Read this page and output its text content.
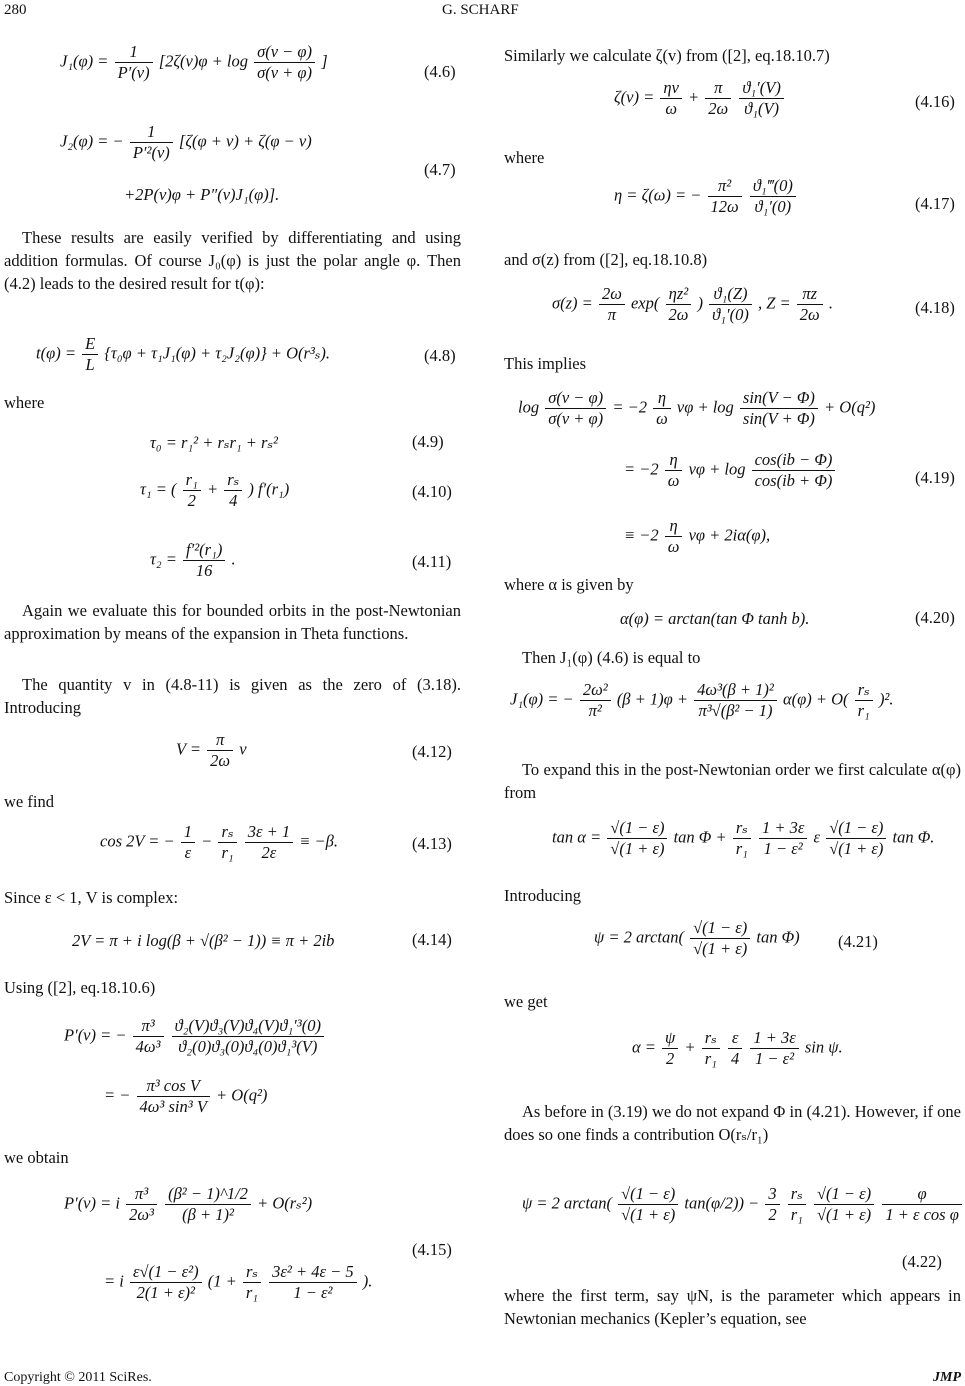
280	G. SCHARF
$J_1(\varphi) = \frac{1}{P'(v)} [2\zeta(v)\varphi + \log \frac{\sigma(v - \varphi)}{\sigma(v + \varphi)}$ ]
(4.6)
J₂(φ) = − $\frac{1}{\text{P′²(v)}} [\zeta(\varphi + v) + \zeta(\varphi - v)$
+2P(v)φ + P″(v)J₁(φ)].
(4.7)
These results are easily verified by differentiating and using addition formulas. Of course J₀(φ) is just the polar angle φ. Then (4.2) leads to the desired result for t(φ):
$t(\varphi) = \frac{E}{L} \{\tau_0\varphi + \tau_1J_1(\varphi) + \tau_2J_2(\varphi)\} + O(r^3_s)$.	(4.8)
where
τ₀ = r₁² + rₛr₁ + rₛ²	(4.9)
τ₁ = ( $\frac{\text{r₁}}{2} + \frac{\text{rₛ}}{4}$ ) f′(r₁)	(4.10)
$\tau_2 = \frac{\text{f′²(r₁)}}{16}$ .	(4.11)
Again we evaluate this for bounded orbits in the post-Newtonian approximation by means of the expansion in Theta functions.
The quantity v in (4.8-11) is given as the zero of (3.18). Introducing
$V = \frac{\pi}{2\omega}$ v	(4.12)
we find
cos 2V = − $\frac{1}{\varepsilon} - \frac{\text{rₛ}}{\text{r₁}}$
$\frac{3\varepsilon + 1}{2\varepsilon} \equiv -\beta$.	(4.13)
Since ε < 1, V is complex:
2V = π + i log(β + √(β² − 1)) ≡ π + 2ib	(4.14)
Using ([2], eq.18.10.6)
P′(v) = − $\frac{\text{π³}}{\text{4ω³}}$
$\frac{\text{ϑ₂(V)ϑ₃(V)ϑ₄(V)ϑ₁′³(0)}}{\text{ϑ₂(0)ϑ₃(0)ϑ₄(0)ϑ₁³(V)}}$
= − $\frac{\text{π³ cos V}}{\text{4ω³ sin³ V}} + O(q^2)$
we obtain
P′(v) = i $\frac{\text{π³}}{\text{2ω³}}$
$\frac{\text{(β² − 1)\textasciicircum{}1/2}}{\text{(β + 1)²}} + O(r_s^2)$
= i $\frac{\text{ε√(1 − ε²)}}{\text{2(1 + ε)²}} (1 + \frac{\text{rₛ}}{\text{r₁}}$
$\frac{\text{3ε² + 4ε − 5}}{\text{1 − ε²}}$ ).
(4.15)
Similarly we calculate ζ(v) from ([2], eq.18.10.7)
$\zeta(v) = \frac{\eta v}{\omega} + \frac{\pi}{2\omega}$
$\frac{\text{ϑ₁′(V)}}{\text{ϑ₁(V)}}$	(4.16)
where
η = ζ(ω) = − $\frac{\text{π²}}{12\omega}$
$\frac{\text{ϑ₁‴(0)}}{\text{ϑ₁′(0)}}$	(4.17)
and σ(z) from ([2], eq.18.10.8)
$\sigma(z) = \frac{2\omega}{\pi} \exp( \frac{\text{ηz²}}{2\omega}$ ) $\frac{\text{ϑ₁(Z)}}{\text{ϑ₁′(0)}}$ , $Z = \frac{\pi z}{2\omega}$ .	(4.18)
This implies
$\log \frac{\sigma(v - \varphi)}{\sigma(v + \varphi)} = -2 \frac{\eta}{\omega}$ $v\varphi + \log \frac{\sin(V - \Phi)}{\sin(V + \Phi)} + O(q^2)$
= $-2 \frac{\eta}{\omega}$ $v\varphi + \log \frac{\cos(ib - \Phi)}{\cos(ib + \Phi)}$
≡ $-2 \frac{\eta}{\omega}$ vφ + 2iα(φ),
(4.19)
where α is given by
α(φ) = arctan(tan Φ tanh b).	(4.20)
Then J₁(φ) (4.6) is equal to
J₁(φ) = − $\frac{\text{2ω²}}{\text{π²}} (\beta + 1)\varphi + \frac{\text{4ω³(β + 1)²}}{\text{π³√(β² − 1)}} \alpha(\varphi) + O( \frac{\text{rₛ}}{\text{r₁}} )^2$.
To expand this in the post-Newtonian order we first calculate α(φ) from
$\tan \alpha = \frac{√(1 - \varepsilon)}{√(1 + \varepsilon)}$ $\tan \Phi + \frac{\text{rₛ}}{\text{r₁}}$
$\frac{1 + 3\varepsilon}{\text{1 − ε²}}$ ε $\frac{√(1 - \varepsilon)}{√(1 + \varepsilon)}$ tan Φ.
Introducing
ψ = 2 $\arctan( \frac{√(1 - \varepsilon)}{√(1 + \varepsilon)}$ tan Φ) (4.21)
we get
$\alpha = \frac{\psi}{2} + \frac{\text{rₛ}}{\text{r₁}}$
$\frac{\varepsilon}{4}$
$\frac{1 + 3\varepsilon}{\text{1 − ε²}}$ sin ψ.
As before in (3.19) we do not expand Φ in (4.21). However, if one does so one finds a contribution O(rₛ/r₁)
ψ = 2 $\arctan( \frac{√(1 - \varepsilon)}{√(1 + \varepsilon)} \tan(\varphi/2)) - \frac{3}{2}$
$\frac{\text{rₛ}}{\text{r₁}}$
$\frac{√(1 - \varepsilon)}{√(1 + \varepsilon)}$
$\frac{\varphi}{\text{1 + ε cos φ}}$
(4.22)
where the first term, say ψN, is the parameter which appears in Newtonian mechanics (Kepler’s equation, see
Copyright © 2011 SciRes.	JMP
